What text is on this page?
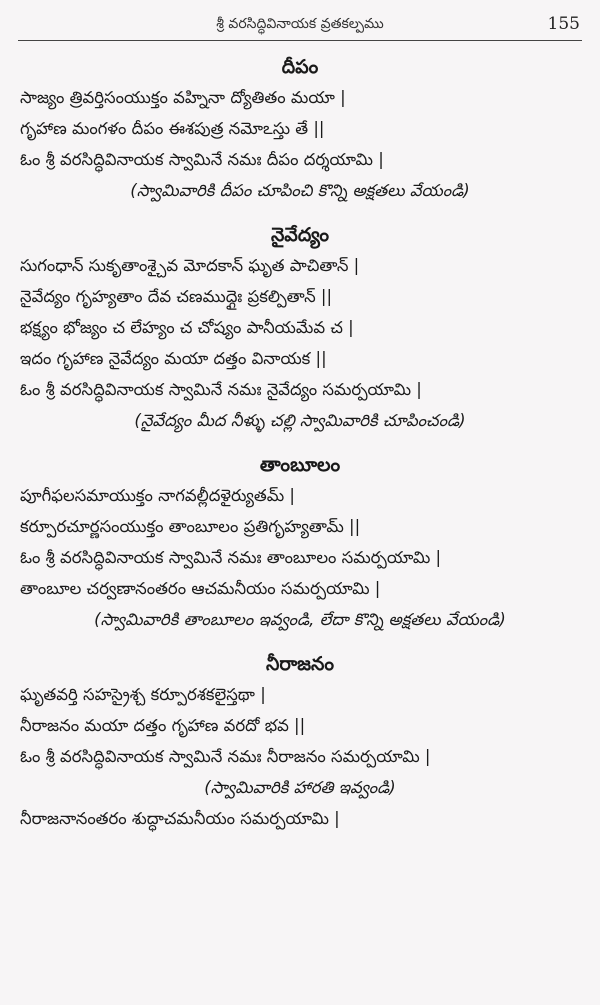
శ్రీ వరసిద్ధివినాయక వ్రతకల్పము	155
దీపం
సాజ్యం త్రివర్తిసంయుక్తం వహ్నినా ద్యోతితం మయా |
గృహాణ మంగళం దీపం ఈశపుత్ర నమోఽస్తు తే ||
ఓం శ్రీ వరసిద్ధివినాయక స్వామినే నమః దీపం దర్శయామి |
(స్వామివారికి దీపం చూపించి కొన్ని అక్షతలు వేయండి)
నైవేద్యం
సుగంధాన్ సుకృతాంశ్చైవ మోదకాన్ ఘృత పాచితాన్ |
నైవేద్యం గృహ్యతాం దేవ చణముద్గైః ప్రకల్పితాన్ ||
భక్ష్యం భోజ్యం చ లేహ్యం చ చోష్యం పానీయమేవ చ |
ఇదం గృహాణ నైవేద్యం మయా దత్తం వినాయక ||
ఓం శ్రీ వరసిద్ధివినాయక స్వామినే నమః నైవేద్యం సమర్పయామి |
(నైవేద్యం మీద నీళ్ళు చల్లి స్వామివారికి చూపించండి)
తాంబూలం
పూగీఫలసమాయుక్తం నాగవల్లీదళైర్యుతమ్ |
కర్పూరచూర్ణసంయుక్తం తాంబూలం ప్రతిగృహ్యతామ్ ||
ఓం శ్రీ వరసిద్ధివినాయక స్వామినే నమః తాంబూలం సమర్పయామి |
తాంబూల చర్వణానంతరం ఆచమనీయం సమర్పయామి |
(స్వామివారికి తాంబూలం ఇవ్వండి, లేదా కొన్ని అక్షతలు వేయండి)
నీరాజనం
ఘృతవర్తి సహస్రైశ్చ కర్పూరశకలైస్తథా |
నీరాజనం మయా దత్తం గృహాణ వరదో భవ ||
ఓం శ్రీ వరసిద్ధివినాయక స్వామినే నమః నీరాజనం సమర్పయామి |
(స్వామివారికి హారతి ఇవ్వండి)
నీరాజనానంతరం శుద్ధాచమనీయం సమర్పయామి |
